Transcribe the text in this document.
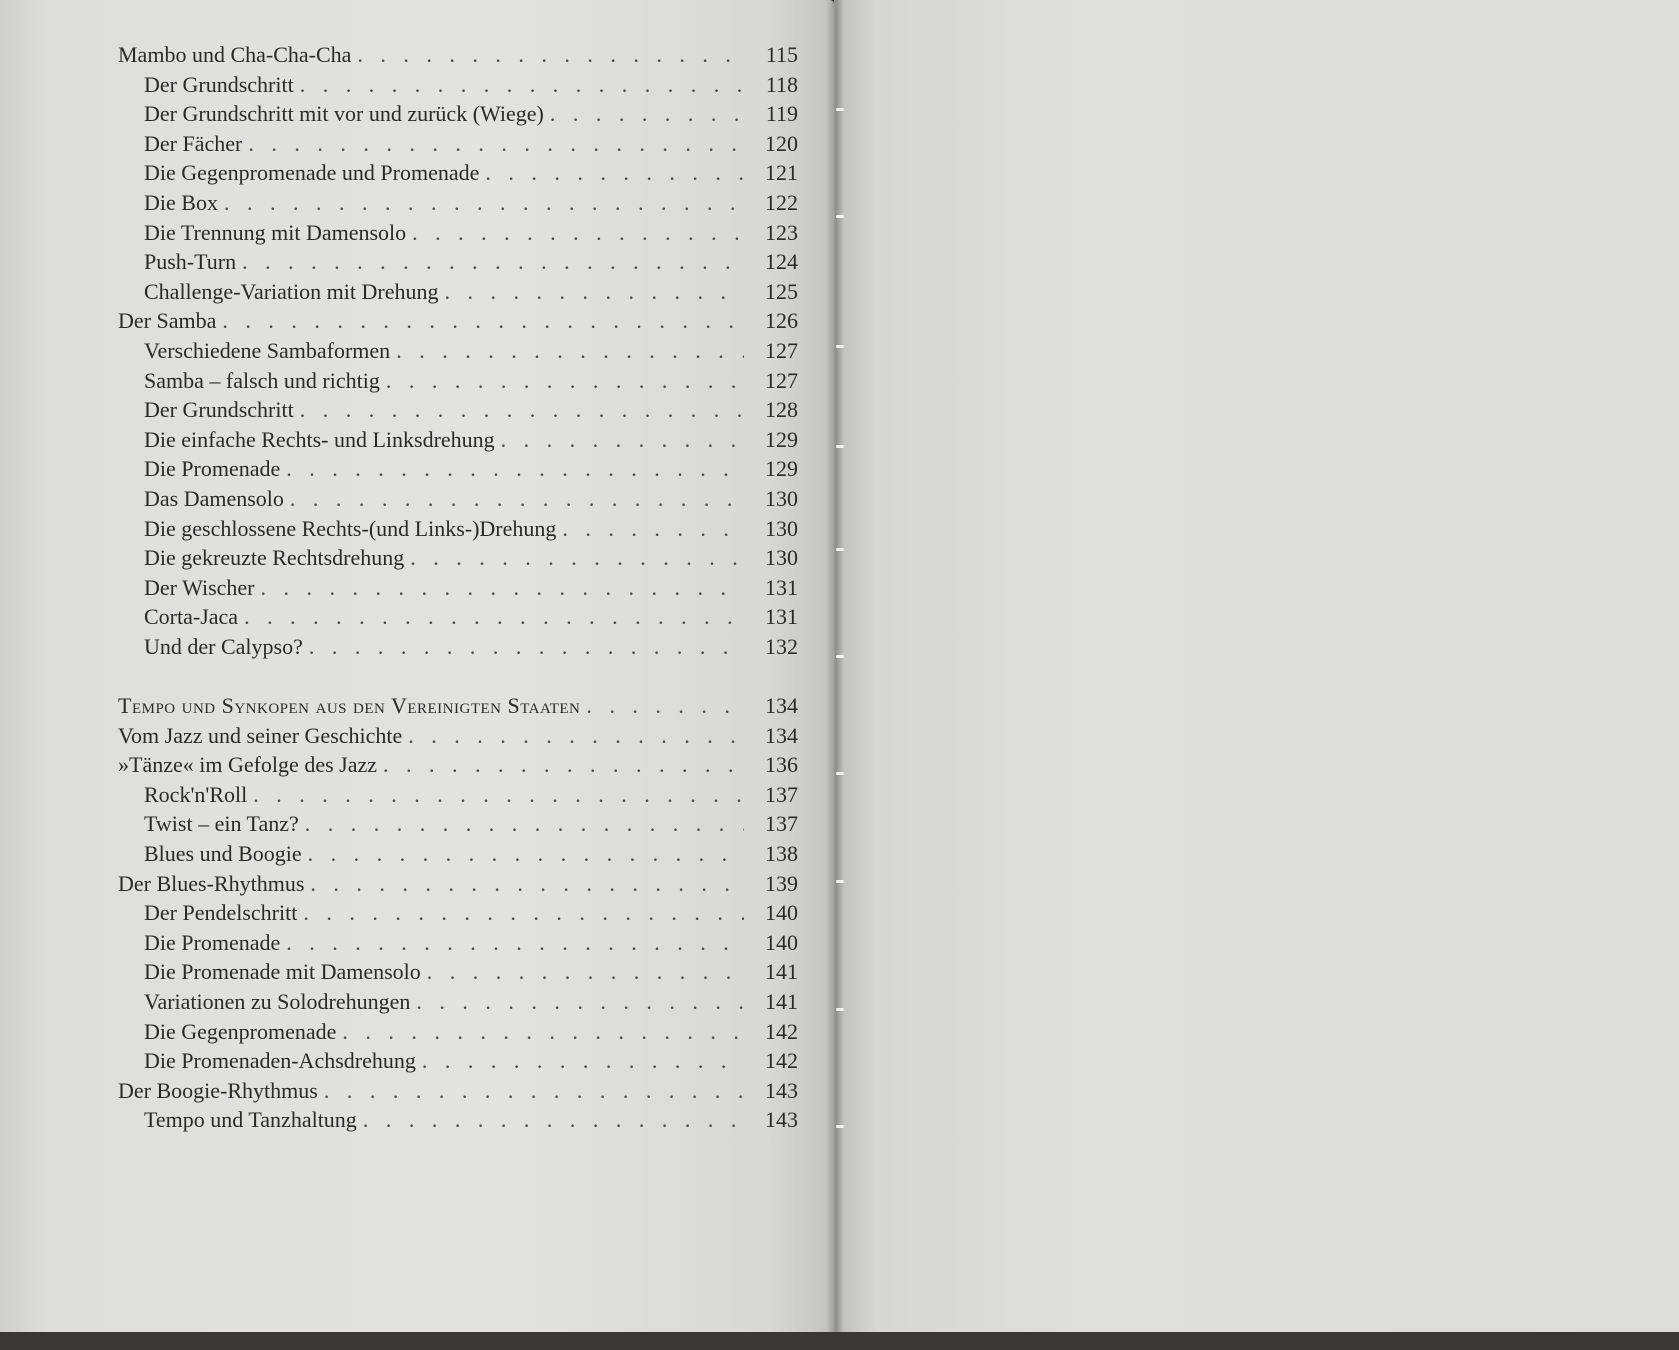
Mambo und Cha-Cha-Cha . . .	115
Der Grundschritt . . .	118
Der Grundschritt mit vor und zurück (Wiege) . . .	119
Der Fächer . . .	120
Die Gegenpromenade und Promenade . . .	121
Die Box . . .	122
Die Trennung mit Damensolo . . .	123
Push-Turn . . .	124
Challenge-Variation mit Drehung . . .	125
Der Samba . . .	126
Verschiedene Sambaformen . . .	127
Samba – falsch und richtig . . .	127
Der Grundschritt . . .	128
Die einfache Rechts- und Linksdrehung . . .	129
Die Promenade . . .	129
Das Damensolo . . .	130
Die geschlossene Rechts-(und Links-)Drehung . . .	130
Die gekreuzte Rechtsdrehung . . .	130
Der Wischer . . .	131
Corta-Jaca . . .	131
Und der Calypso? . . .	132
Tempo und Synkopen aus den Vereinigten Staaten . . .	134
Vom Jazz und seiner Geschichte . . .	134
»Tänze« im Gefolge des Jazz . . .	136
Rock'n'Roll . . .	137
Twist – ein Tanz? . . .	137
Blues und Boogie . . .	138
Der Blues-Rhythmus . . .	139
Der Pendelschritt . . .	140
Die Promenade . . .	140
Die Promenade mit Damensolo . . .	141
Variationen zu Solodrehungen . . .	141
Die Gegenpromenade . . .	142
Die Promenaden-Achsdrehung . . .	142
Der Boogie-Rhythmus . . .	143
Tempo und Tanzhaltung . . .	143
